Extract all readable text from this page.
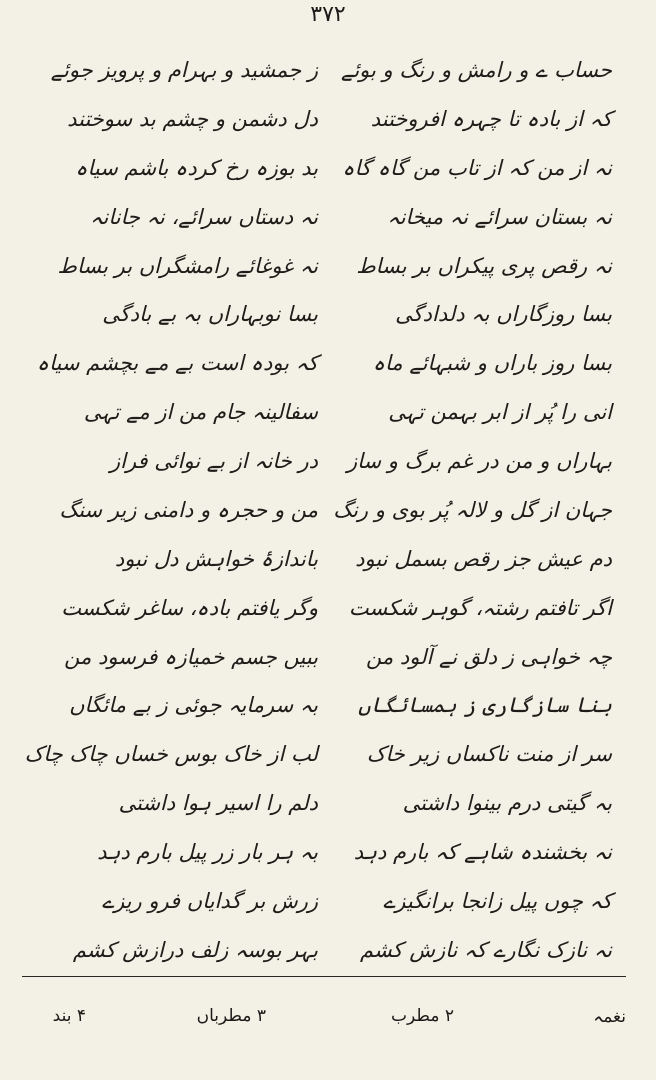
۳۷۲
حساب ے و رامش و رنگ و بوئے
کہ از بادہ تا چہرہ افروختند
نہ از من کہ از تاب من گاہ گاہ
نہ بستان سرائے نہ میخانہ
نہ رقص پری پیکراں بر بساط
بسا روزگاراں بہ دلدادگی
بسا روز باراں و شبہائے ماہ
انی را پُر از ابر بہمن تہی
بہاراں و من در غم برگ و ساز
جہان از گل و لالہ پُر بوی و رنگ
دم عیش جز رقص بسمل نبود
اگر تافتم رشتہ، گوہر شکست
چہ خواہی ز دلق نے آلود من
بنا سازگاری ز ہمسائگاں
سر از منت ناکساں زیر خاک
بہ گیتی درم بینوا داشتی
نہ بخشندہ شاہے کہ بارم دہد
کہ چوں پیل زانجا برانگیزے
نہ نازک نگارے کہ نازش کشم
ز جمشید و بہرام و پرویز جوئے
دل دشمن و چشم بد سوختند
بد بوزہ رخ کردہ باشم سیاہ
نہ دستاں سرائے، نہ جانانہ
نہ غوغائے رامشگراں بر بساط
بسا نوبہاراں بہ بے بادگی
کہ بودہ است بے مے بچشم سیاہ
سفالینہ جام من از مے تہی
در خانہ از بے نوائی فراز
من و حجرہ و دامنی زیر سنگ
باندازۂ خواہش دل نبود
وگر یافتم بادہ، ساغر شکست
ببیں جسم خمیازہ فرسود من
بہ سرمایہ جوئی ز بے مائگاں
لب از خاک بوس خساں چاک چاک
دلم را اسیر ہوا داشتی
بہ ہر بار زر پیل بارم دہد
زرش بر گدایاں فرو ریزے
بہر بوسہ زلف درازش کشم
نغمہ
۲ مطرب
۳ مطرباں
۴ بند
